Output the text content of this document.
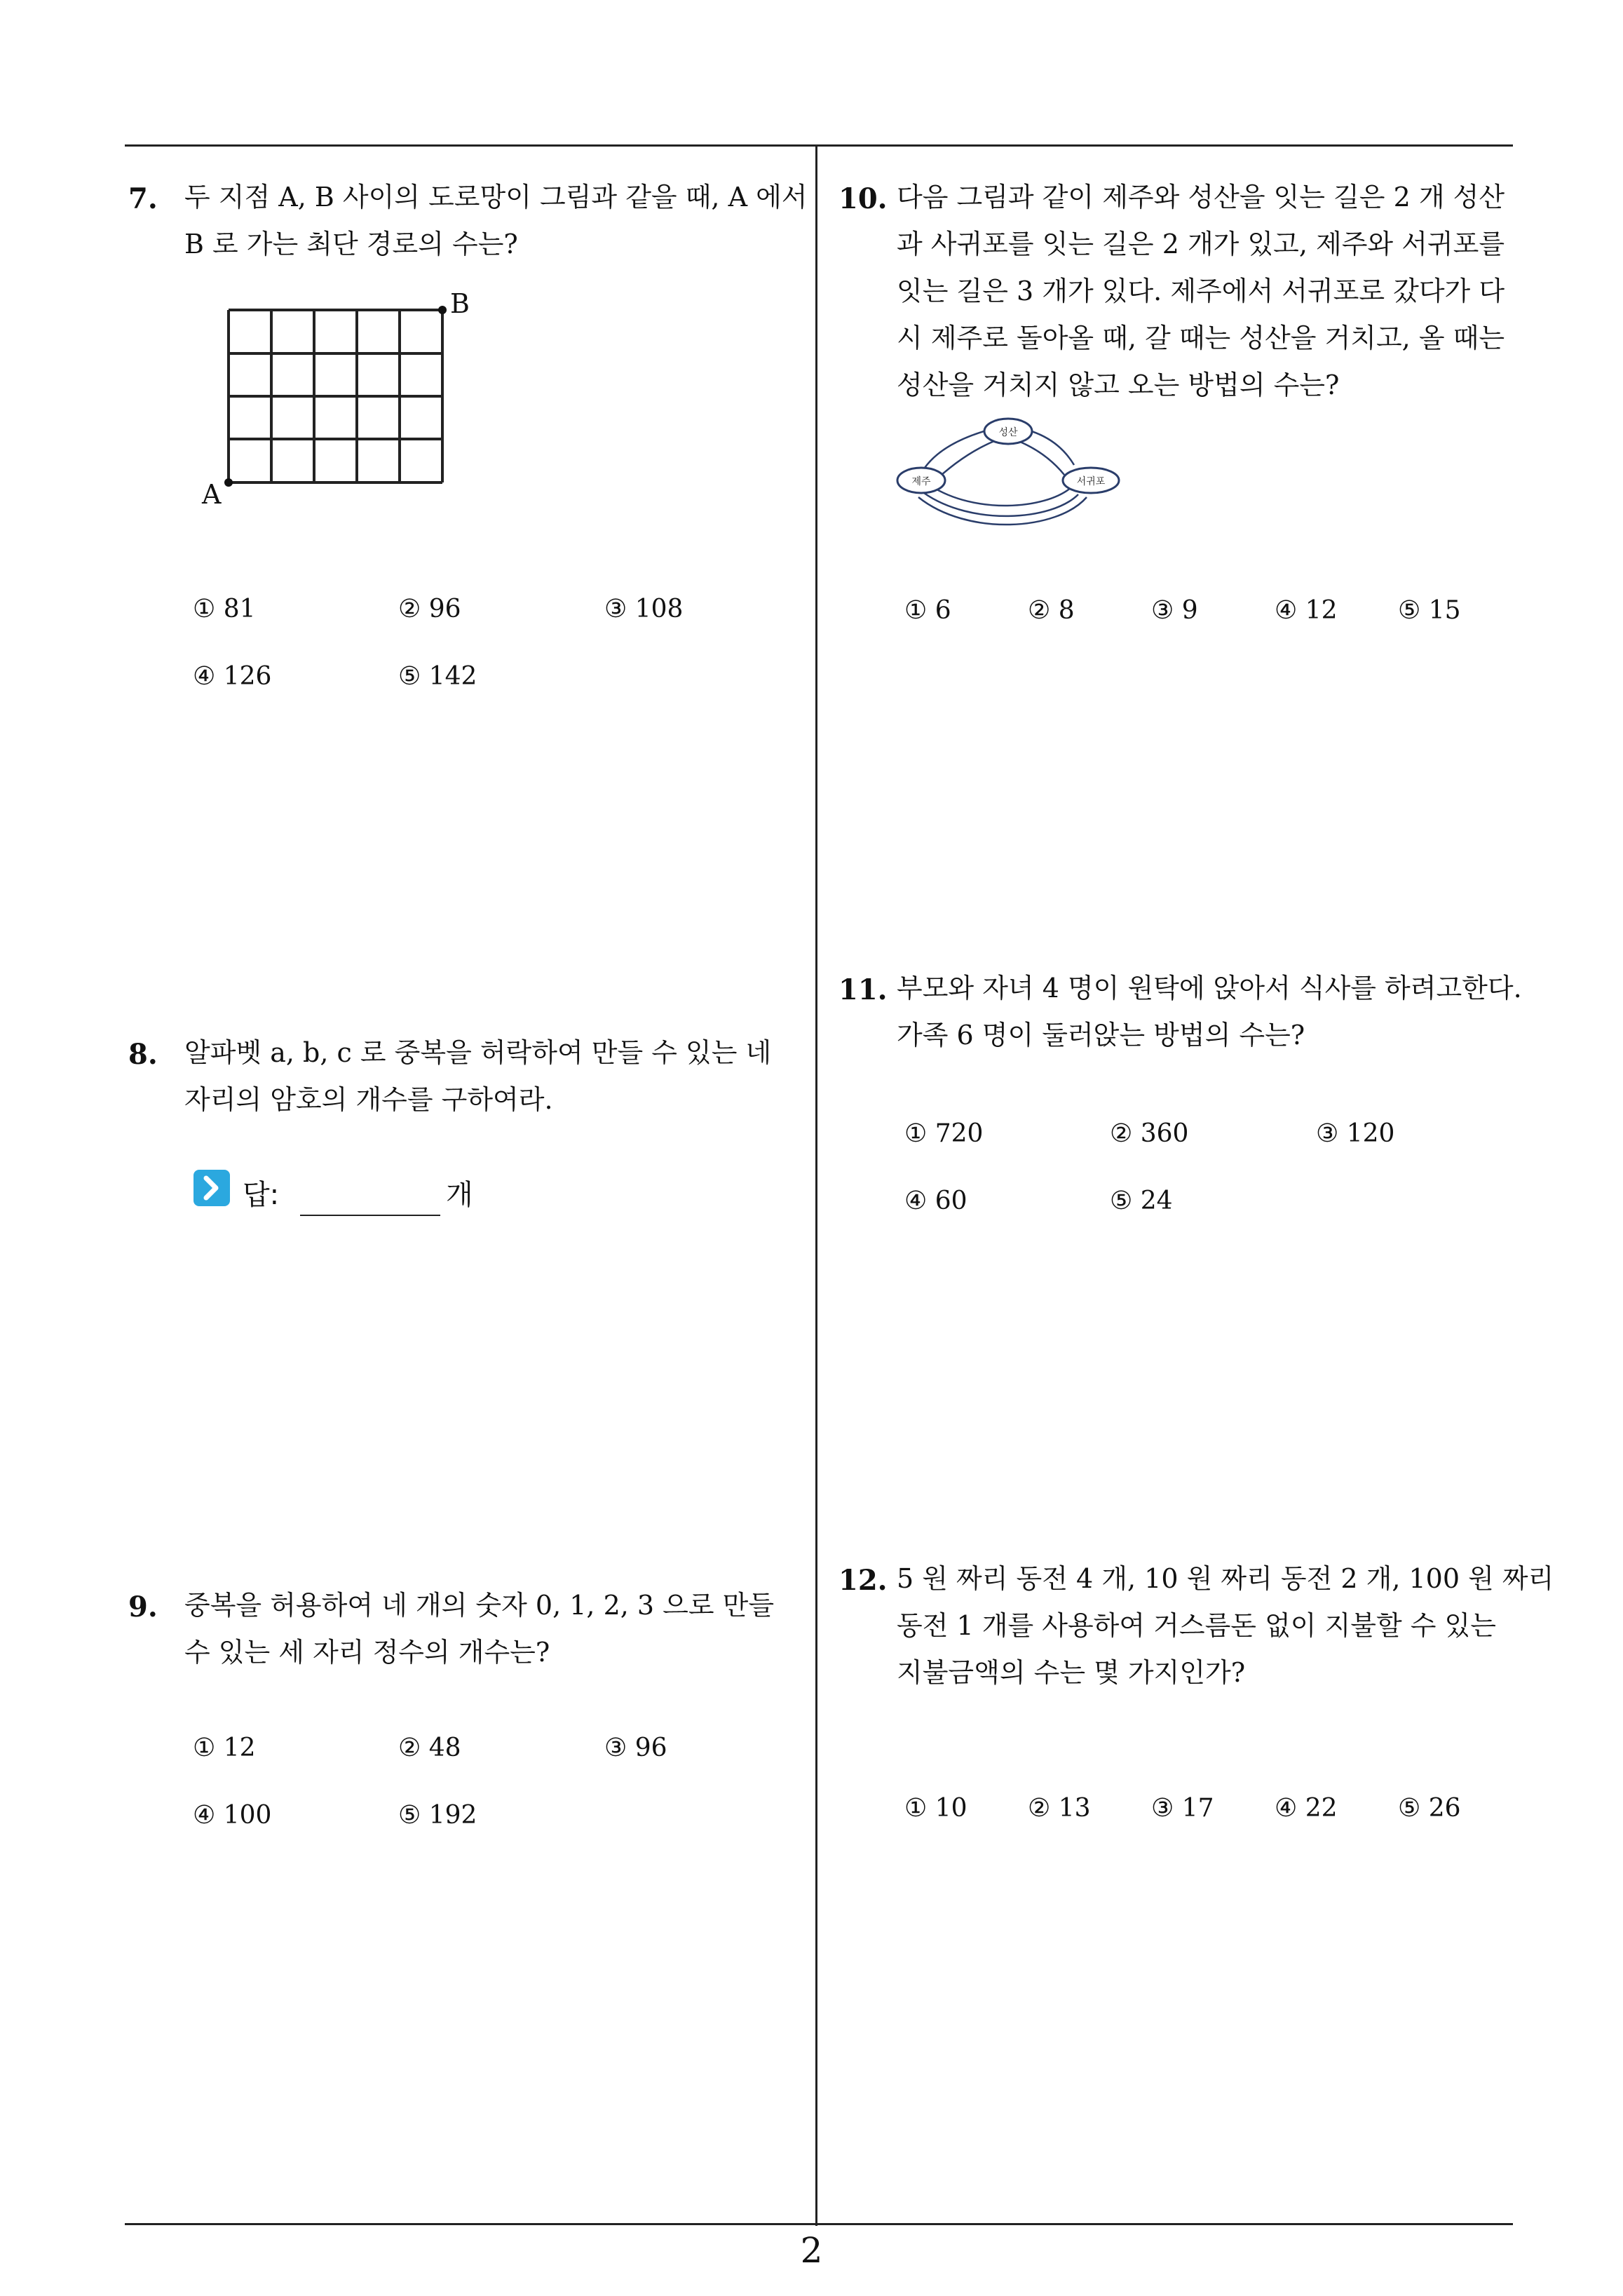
7. 두 지점 A, B 사이의 도로망이 그림과 같을 때, A 에서
B 로 가는 최단 경로의 수는?
A
B
① 81	② 96	③ 108
④ 126	⑤ 142
8. 알파벳 a, b, c 로 중복을 허락하여 만들 수 있는 네
자리의 암호의 개수를 구하여라.
답:	개
9. 중복을 허용하여 네 개의 숫자 0, 1, 2, 3 으로 만들
수 있는 세 자리 정수의 개수는?
① 12	② 48	③ 96
④ 100	⑤ 192
10. 다음 그림과 같이 제주와 성산을 잇는 길은 2 개 성산
과 사귀포를 잇는 길은 2 개가 있고, 제주와 서귀포를
잇는 길은 3 개가 있다. 제주에서 서귀포로 갔다가 다
시 제주로 돌아올 때, 갈 때는 성산을 거치고, 올 때는
성산을 거치지 않고 오는 방법의 수는?
성산
제주	서귀포
① 6	② 8	③ 9	④ 12 ⑤ 15
11. 부모와 자녀 4 명이 원탁에 앉아서 식사를 하려고한다.
가족 6 명이 둘러앉는 방법의 수는?
① 720	② 360	③ 120
④ 60	⑤ 24
12. 5 원 짜리 동전 4 개, 10 원 짜리 동전 2 개, 100 원 짜리
동전 1 개를 사용하여 거스름돈 없이 지불할 수 있는
지불금액의 수는 몇 가지인가?
① 10 ② 13 ③ 17 ④ 22 ⑤ 26
2
